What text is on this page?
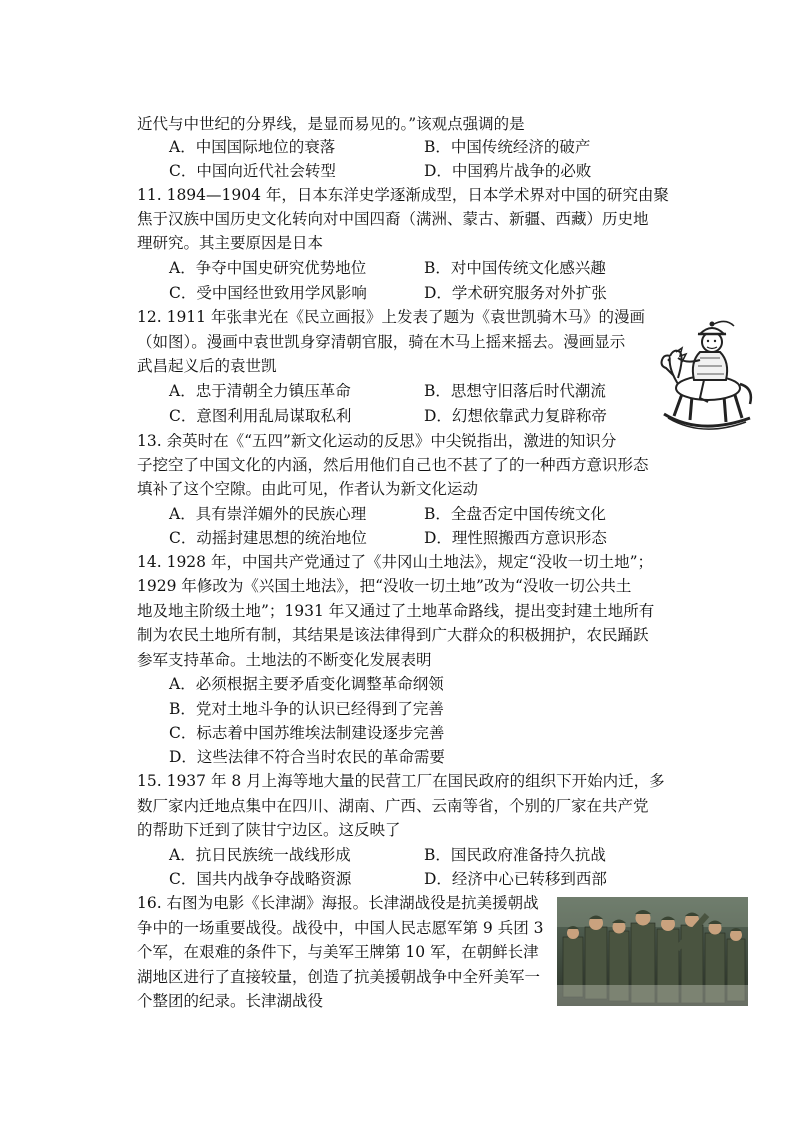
近代与中世纪的分界线，是显而易见的。”该观点强调的是
A．中国国际地位的衰落	B．中国传统经济的破产
C．中国向近代社会转型	D．中国鸦片战争的必败
11. 1894—1904 年，日本东洋史学逐渐成型，日本学术界对中国的研究由聚
焦于汉族中国历史文化转向对中国四裔（满洲、蒙古、新疆、西藏）历史地
理研究。其主要原因是日本
A．争夺中国史研究优势地位	B．对中国传统文化感兴趣
C．受中国经世致用学风影响	D．学术研究服务对外扩张
12. 1911 年张聿光在《民立画报》上发表了题为《袁世凯骑木马》的漫画
（如图）。漫画中袁世凯身穿清朝官服，骑在木马上摇来摇去。漫画显示
武昌起义后的袁世凯
A．忠于清朝全力镇压革命	B．思想守旧落后时代潮流
C．意图利用乱局谋取私利	D．幻想依靠武力复辟称帝
13. 余英时在《“五四”新文化运动的反思》中尖锐指出，激进的知识分
子挖空了中国文化的内涵，然后用他们自己也不甚了了的一种西方意识形态
填补了这个空隙。由此可见，作者认为新文化运动
A．具有崇洋媚外的民族心理	B．全盘否定中国传统文化
C．动摇封建思想的统治地位	D．理性照搬西方意识形态
14. 1928 年，中国共产党通过了《井冈山土地法》，规定“没收一切土地”；
1929 年修改为《兴国土地法》，把“没收一切土地”改为“没收一切公共土
地及地主阶级土地”；1931 年又通过了土地革命路线，提出变封建土地所有
制为农民土地所有制，其结果是该法律得到广大群众的积极拥护，农民踊跃
参军支持革命。土地法的不断变化发展表明
A．必须根据主要矛盾变化调整革命纲领
B．党对土地斗争的认识已经得到了完善
C．标志着中国苏维埃法制建设逐步完善
D．这些法律不符合当时农民的革命需要
15. 1937 年 8 月上海等地大量的民营工厂在国民政府的组织下开始内迁，多
数厂家内迁地点集中在四川、湖南、广西、云南等省，个别的厂家在共产党
的帮助下迁到了陕甘宁边区。这反映了
A．抗日民族统一战线形成	B．国民政府准备持久抗战
C．国共内战争夺战略资源	D．经济中心已转移到西部
16. 右图为电影《长津湖》海报。长津湖战役是抗美援朝战
争中的一场重要战役。战役中，中国人民志愿军第 9 兵团 3
个军，在艰难的条件下，与美军王牌第 10 军，在朝鲜长津
湖地区进行了直接较量，创造了抗美援朝战争中全歼美军一
个整团的纪录。长津湖战役
